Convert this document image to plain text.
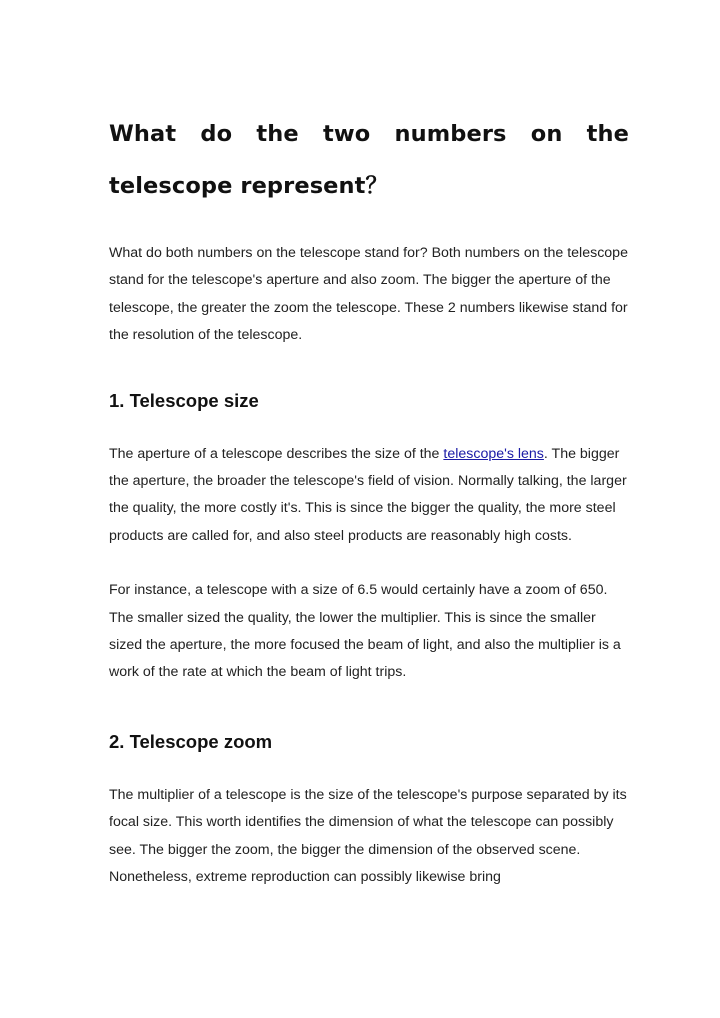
What do the two numbers on the telescope represent？

What do both numbers on the telescope stand for? Both numbers on the telescope stand for the telescope's aperture and also zoom. The bigger the aperture of the telescope, the greater the zoom the telescope. These 2 numbers likewise stand for the resolution of the telescope.

1. Telescope size

The aperture of a telescope describes the size of the telescope's lens. The bigger the aperture, the broader the telescope's field of vision. Normally talking, the larger the quality, the more costly it's. This is since the bigger the quality, the more steel products are called for, and also steel products are reasonably high costs.

For instance, a telescope with a size of 6.5 would certainly have a zoom of 650. The smaller sized the quality, the lower the multiplier. This is since the smaller sized the aperture, the more focused the beam of light, and also the multiplier is a work of the rate at which the beam of light trips.

2. Telescope zoom

The multiplier of a telescope is the size of the telescope's purpose separated by its focal size. This worth identifies the dimension of what the telescope can possibly see. The bigger the zoom, the bigger the dimension of the observed scene. Nonetheless, extreme reproduction can possibly likewise bring
